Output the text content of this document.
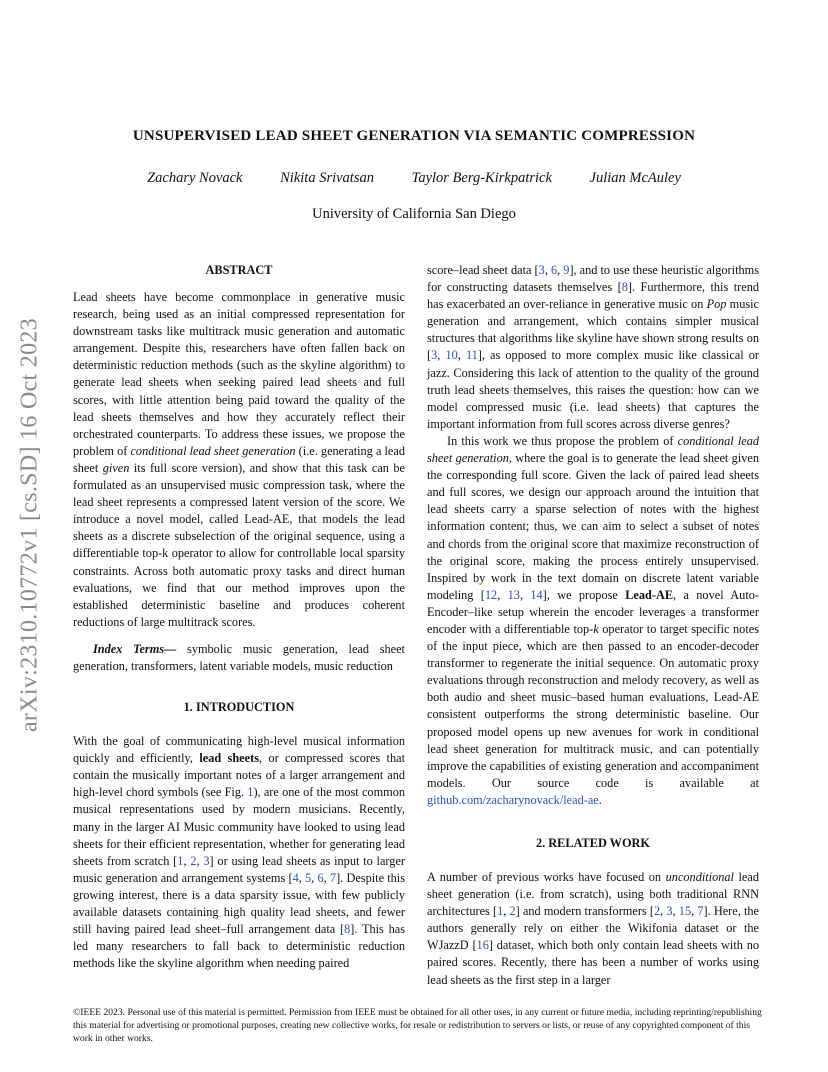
arXiv:2310.10772v1 [cs.SD] 16 Oct 2023
UNSUPERVISED LEAD SHEET GENERATION VIA SEMANTIC COMPRESSION
Zachary Novack	Nikita Srivatsan	Taylor Berg-Kirkpatrick	Julian McAuley
University of California San Diego
ABSTRACT

Lead sheets have become commonplace in generative music research, being used as an initial compressed representation for downstream tasks like multitrack music generation and automatic arrangement. Despite this, researchers have often fallen back on deterministic reduction methods (such as the skyline algorithm) to generate lead sheets when seeking paired lead sheets and full scores, with little attention being paid toward the quality of the lead sheets themselves and how they accurately reflect their orchestrated counterparts. To address these issues, we propose the problem of conditional lead sheet generation (i.e. generating a lead sheet given its full score version), and show that this task can be formulated as an unsupervised music compression task, where the lead sheet represents a compressed latent version of the score. We introduce a novel model, called Lead-AE, that models the lead sheets as a discrete subselection of the original sequence, using a differentiable top-k operator to allow for controllable local sparsity constraints. Across both automatic proxy tasks and direct human evaluations, we find that our method improves upon the established deterministic baseline and produces coherent reductions of large multitrack scores.

Index Terms— symbolic music generation, lead sheet generation, transformers, latent variable models, music reduction

1. INTRODUCTION

With the goal of communicating high-level musical information quickly and efficiently, lead sheets, or compressed scores that contain the musically important notes of a larger arrangement and high-level chord symbols (see Fig. 1), are one of the most common musical representations used by modern musicians. Recently, many in the larger AI Music community have looked to using lead sheets for their efficient representation, whether for generating lead sheets from scratch [1, 2, 3] or using lead sheets as input to larger music generation and arrangement systems [4, 5, 6, 7]. Despite this growing interest, there is a data sparsity issue, with few publicly available datasets containing high quality lead sheets, and fewer still having paired lead sheet–full arrangement data [8]. This has led many researchers to fall back to deterministic reduction methods like the skyline algorithm when needing paired

score–lead sheet data [3, 6, 9], and to use these heuristic algorithms for constructing datasets themselves [8]. Furthermore, this trend has exacerbated an over-reliance in generative music on Pop music generation and arrangement, which contains simpler musical structures that algorithms like skyline have shown strong results on [3, 10, 11], as opposed to more complex music like classical or jazz. Considering this lack of attention to the quality of the ground truth lead sheets themselves, this raises the question: how can we model compressed music (i.e. lead sheets) that captures the important information from full scores across diverse genres?

In this work we thus propose the problem of conditional lead sheet generation, where the goal is to generate the lead sheet given the corresponding full score. Given the lack of paired lead sheets and full scores, we design our approach around the intuition that lead sheets carry a sparse selection of notes with the highest information content; thus, we can aim to select a subset of notes and chords from the original score that maximize reconstruction of the original score, making the process entirely unsupervised. Inspired by work in the text domain on discrete latent variable modeling [12, 13, 14], we propose Lead-AE, a novel Auto-Encoder–like setup wherein the encoder leverages a transformer encoder with a differentiable top-k operator to target specific notes of the input piece, which are then passed to an encoder-decoder transformer to regenerate the initial sequence. On automatic proxy evaluations through reconstruction and melody recovery, as well as both audio and sheet music–based human evaluations, Lead-AE consistent outperforms the strong deterministic baseline. Our proposed model opens up new avenues for work in conditional lead sheet generation for multitrack music, and can potentially improve the capabilities of existing generation and accompaniment models. Our source code is available at github.com/zacharynovack/lead-ae.

2. RELATED WORK

A number of previous works have focused on unconditional lead sheet generation (i.e. from scratch), using both traditional RNN architectures [1, 2] and modern transformers [2, 3, 15, 7]. Here, the authors generally rely on either the Wikifonia dataset or the WJazzD [16] dataset, which both only contain lead sheets with no paired scores. Recently, there has been a number of works using lead sheets as the first step in a larger

©IEEE 2023. Personal use of this material is permitted. Permission from IEEE must be obtained for all other uses, in any current or future media, including reprinting/republishing this material for advertising or promotional purposes, creating new collective works, for resale or redistribution to servers or lists, or reuse of any copyrighted component of this work in other works.
